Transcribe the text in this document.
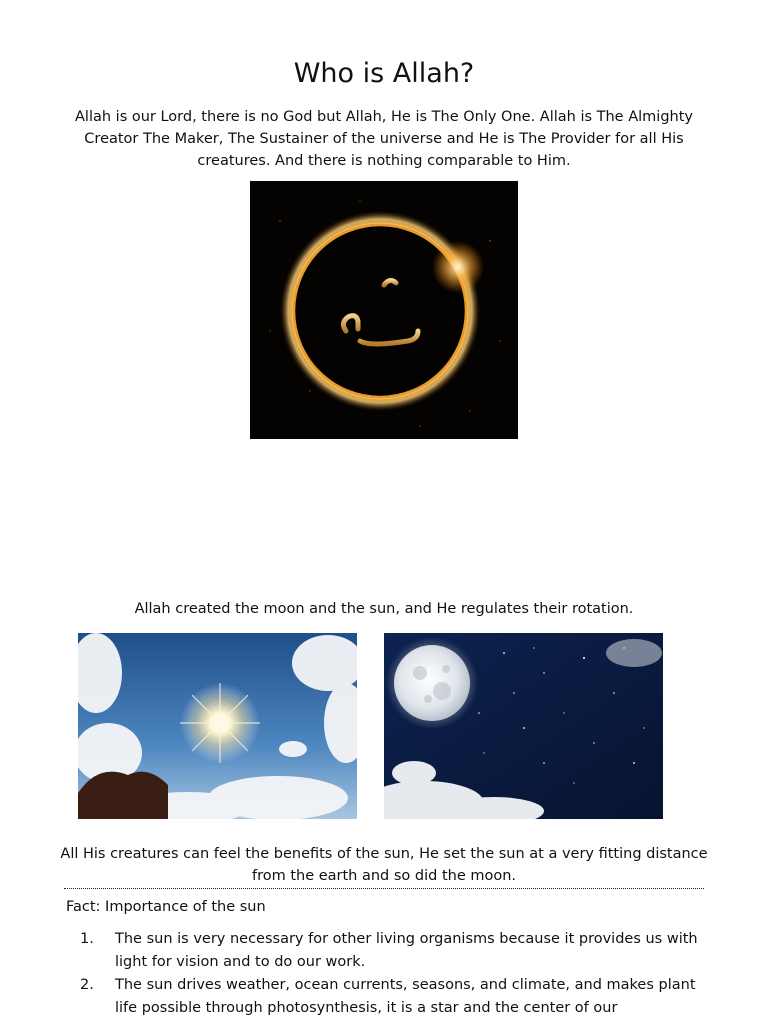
Who is Allah?

Allah is our Lord, there is no God but Allah, He is The Only One. Allah is The Almighty Creator The Maker, The Sustainer of the universe and He is The Provider for all His creatures. And there is nothing comparable to Him.

Allah created the moon and the sun, and He regulates their rotation.

All His creatures can feel the benefits of the sun, He set the sun at a very fitting distance from the earth and so did the moon.

Fact: Importance of the sun

1. The sun is very necessary for other living organisms because it provides us with light for vision and to do our work.
2. The sun drives weather, ocean currents, seasons, and climate, and makes plant life possible through photosynthesis, it is a star and the center of our
